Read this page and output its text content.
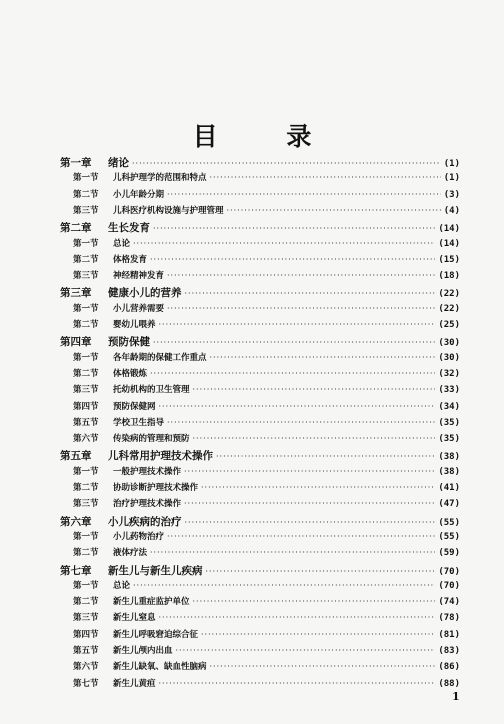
目 录
第一章	绪论 ·····	(1)
第一节	儿科护理学的范围和特点 ·····	(1)
第二节	小儿年龄分期 ·····	(3)
第三节	儿科医疗机构设施与护理管理 ·····	(4)
第二章	生长发育 ·····	(14)
第一节	总论 ·····	(14)
第二节	体格发育 ·····	(15)
第三节	神经精神发育 ·····	(18)
第三章	健康小儿的营养 ·····	(22)
第一节	小儿营养需要 ·····	(22)
第二节	婴幼儿喂养 ·····	(25)
第四章	预防保健 ·····	(30)
第一节	各年龄期的保健工作重点 ·····	(30)
第二节	体格锻炼 ·····	(32)
第三节	托幼机构的卫生管理 ·····	(33)
第四节	预防保健网 ·····	(34)
第五节	学校卫生指导 ·····	(35)
第六节	传染病的管理和预防 ·····	(35)
第五章	儿科常用护理技术操作 ·····	(38)
第一节	一般护理技术操作 ·····	(38)
第二节	协助诊断护理技术操作 ·····	(41)
第三节	治疗护理技术操作 ·····	(47)
第六章	小儿疾病的治疗 ·····	(55)
第一节	小儿药物治疗 ·····	(55)
第二节	液体疗法 ·····	(59)
第七章	新生儿与新生儿疾病 ·····	(70)
第一节	总论 ·····	(70)
第二节	新生儿重症监护单位 ·····	(74)
第三节	新生儿窒息 ·····	(78)
第四节	新生儿呼吸窘迫综合征 ·····	(81)
第五节	新生儿颅内出血 ·····	(83)
第六节	新生儿缺氧、缺血性脑病 ·····	(86)
第七节	新生儿黄疸 ·····	(88)
1
